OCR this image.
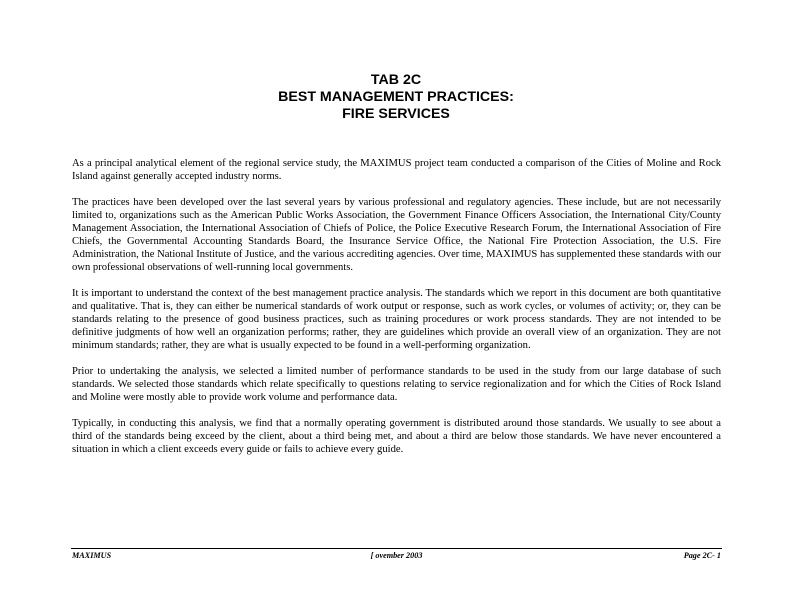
TAB 2C
BEST MANAGEMENT PRACTICES:
FIRE SERVICES

As a principal analytical element of the regional service study, the MAXIMUS project team conducted a comparison of the Cities of Moline and Rock Island against generally accepted industry norms.

The practices have been developed over the last several years by various professional and regulatory agencies. These include, but are not necessarily limited to, organizations such as the American Public Works Association, the Government Finance Officers Association, the International City/County Management Association, the International Association of Chiefs of Police, the Police Executive Research Forum, the International Association of Fire Chiefs, the Governmental Accounting Standards Board, the Insurance Service Office, the National Fire Protection Association, the U.S. Fire Administration, the National Institute of Justice, and the various accrediting agencies. Over time, MAXIMUS has supplemented these standards with our own professional observations of well-running local governments.

It is important to understand the context of the best management practice analysis. The standards which we report in this document are both quantitative and qualitative. That is, they can either be numerical standards of work output or response, such as work cycles, or volumes of activity; or, they can be standards relating to the presence of good business practices, such as training procedures or work process standards. They are not intended to be definitive judgments of how well an organization performs; rather, they are guidelines which provide an overall view of an organization. They are not minimum standards; rather, they are what is usually expected to be found in a well-performing organization.

Prior to undertaking the analysis, we selected a limited number of performance standards to be used in the study from our large database of such standards. We selected those standards which relate specifically to questions relating to service regionalization and for which the Cities of Rock Island and Moline were mostly able to provide work volume and performance data.

Typically, in conducting this analysis, we find that a normally operating government is distributed around those standards. We usually to see about a third of the standards being exceed by the client, about a third being met, and about a third are below those standards. We have never encountered a situation in which a client exceeds every guide or fails to achieve every guide.

MAXIMUS	[ ovember 2003	Page 2C- 1
